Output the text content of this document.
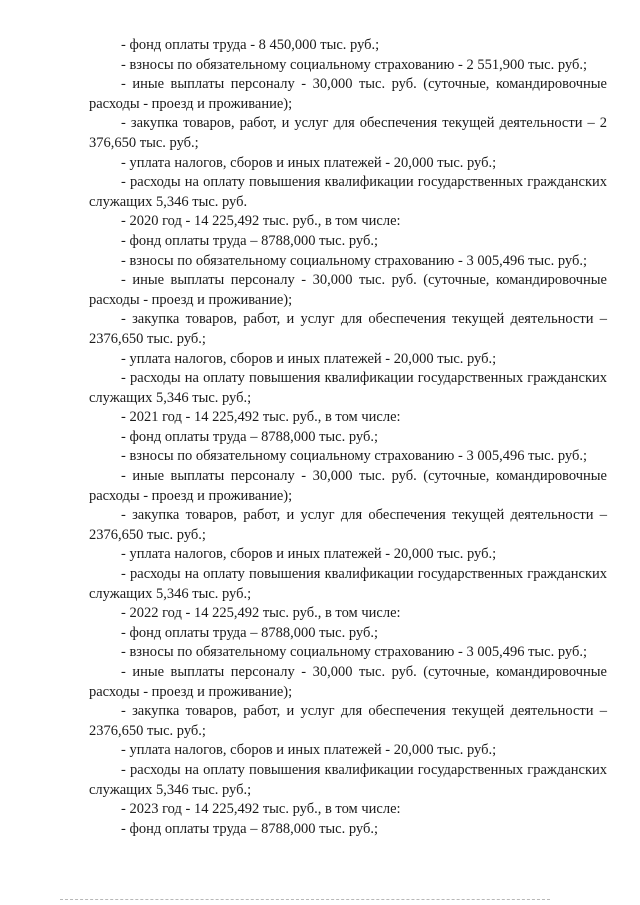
- фонд оплаты труда - 8 450,000 тыс. руб.;

- взносы по обязательному социальному страхованию - 2 551,900 тыс. руб.;

- иные выплаты персоналу - 30,000 тыс. руб. (суточные, командировочные расходы - проезд и проживание);

- закупка товаров, работ, и услуг для обеспечения текущей деятельности – 2 376,650 тыс. руб.;

- уплата налогов, сборов и иных платежей - 20,000 тыс. руб.;

- расходы на оплату повышения квалификации государственных гражданских служащих 5,346 тыс. руб.

- 2020 год - 14 225,492 тыс. руб., в том числе:

- фонд оплаты труда – 8788,000 тыс. руб.;

- взносы по обязательному социальному страхованию - 3 005,496 тыс. руб.;

- иные выплаты персоналу - 30,000 тыс. руб. (суточные, командировочные расходы - проезд и проживание);

- закупка товаров, работ, и услуг для обеспечения текущей деятельности – 2376,650 тыс. руб.;

- уплата налогов, сборов и иных платежей - 20,000 тыс. руб.;

- расходы на оплату повышения квалификации государственных гражданских служащих 5,346 тыс. руб.;

- 2021 год - 14 225,492 тыс. руб., в том числе:

- фонд оплаты труда – 8788,000 тыс. руб.;

- взносы по обязательному социальному страхованию - 3 005,496 тыс. руб.;

- иные выплаты персоналу - 30,000 тыс. руб. (суточные, командировочные расходы - проезд и проживание);

- закупка товаров, работ, и услуг для обеспечения текущей деятельности – 2376,650 тыс. руб.;

- уплата налогов, сборов и иных платежей - 20,000 тыс. руб.;

- расходы на оплату повышения квалификации государственных гражданских служащих 5,346 тыс. руб.;

- 2022 год - 14 225,492 тыс. руб., в том числе:

- фонд оплаты труда – 8788,000 тыс. руб.;

- взносы по обязательному социальному страхованию - 3 005,496 тыс. руб.;

- иные выплаты персоналу - 30,000 тыс. руб. (суточные, командировочные расходы - проезд и проживание);

- закупка товаров, работ, и услуг для обеспечения текущей деятельности – 2376,650 тыс. руб.;

- уплата налогов, сборов и иных платежей - 20,000 тыс. руб.;

- расходы на оплату повышения квалификации государственных гражданских служащих 5,346 тыс. руб.;

- 2023 год - 14 225,492 тыс. руб., в том числе:

- фонд оплаты труда – 8788,000 тыс. руб.;
